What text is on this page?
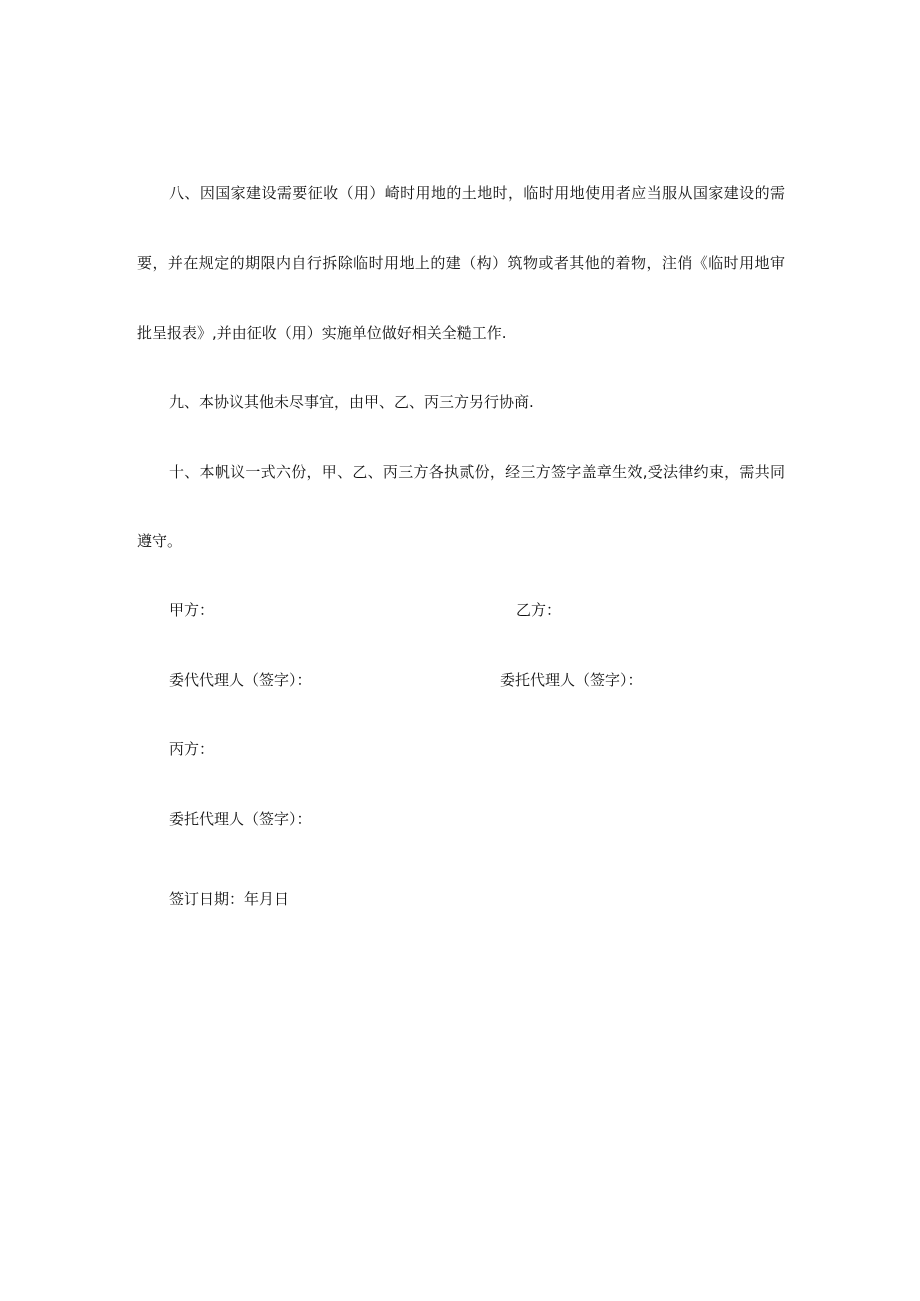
八、因国家建设需要征收（用）崎时用地的土地时，临时用地使用者应当服从国家建设的需
要，并在规定的期限内自行拆除临时用地上的建（构）筑物或者其他的着物，注俏《临时用地审
批呈报表》,并由征收（用）实施单位做好相关全糙工作.
九、本协议其他未尽事宜，由甲、乙、丙三方另行协商.
十、本帆议一式六份，甲、乙、丙三方各执贰份，经三方签字盖章生效,受法律约束，需共同
遵守。
甲方：	乙方：
委代代理人（签字）：	委托代理人（签字）：
丙方：
委托代理人（签字）：
签订日期：年月日
